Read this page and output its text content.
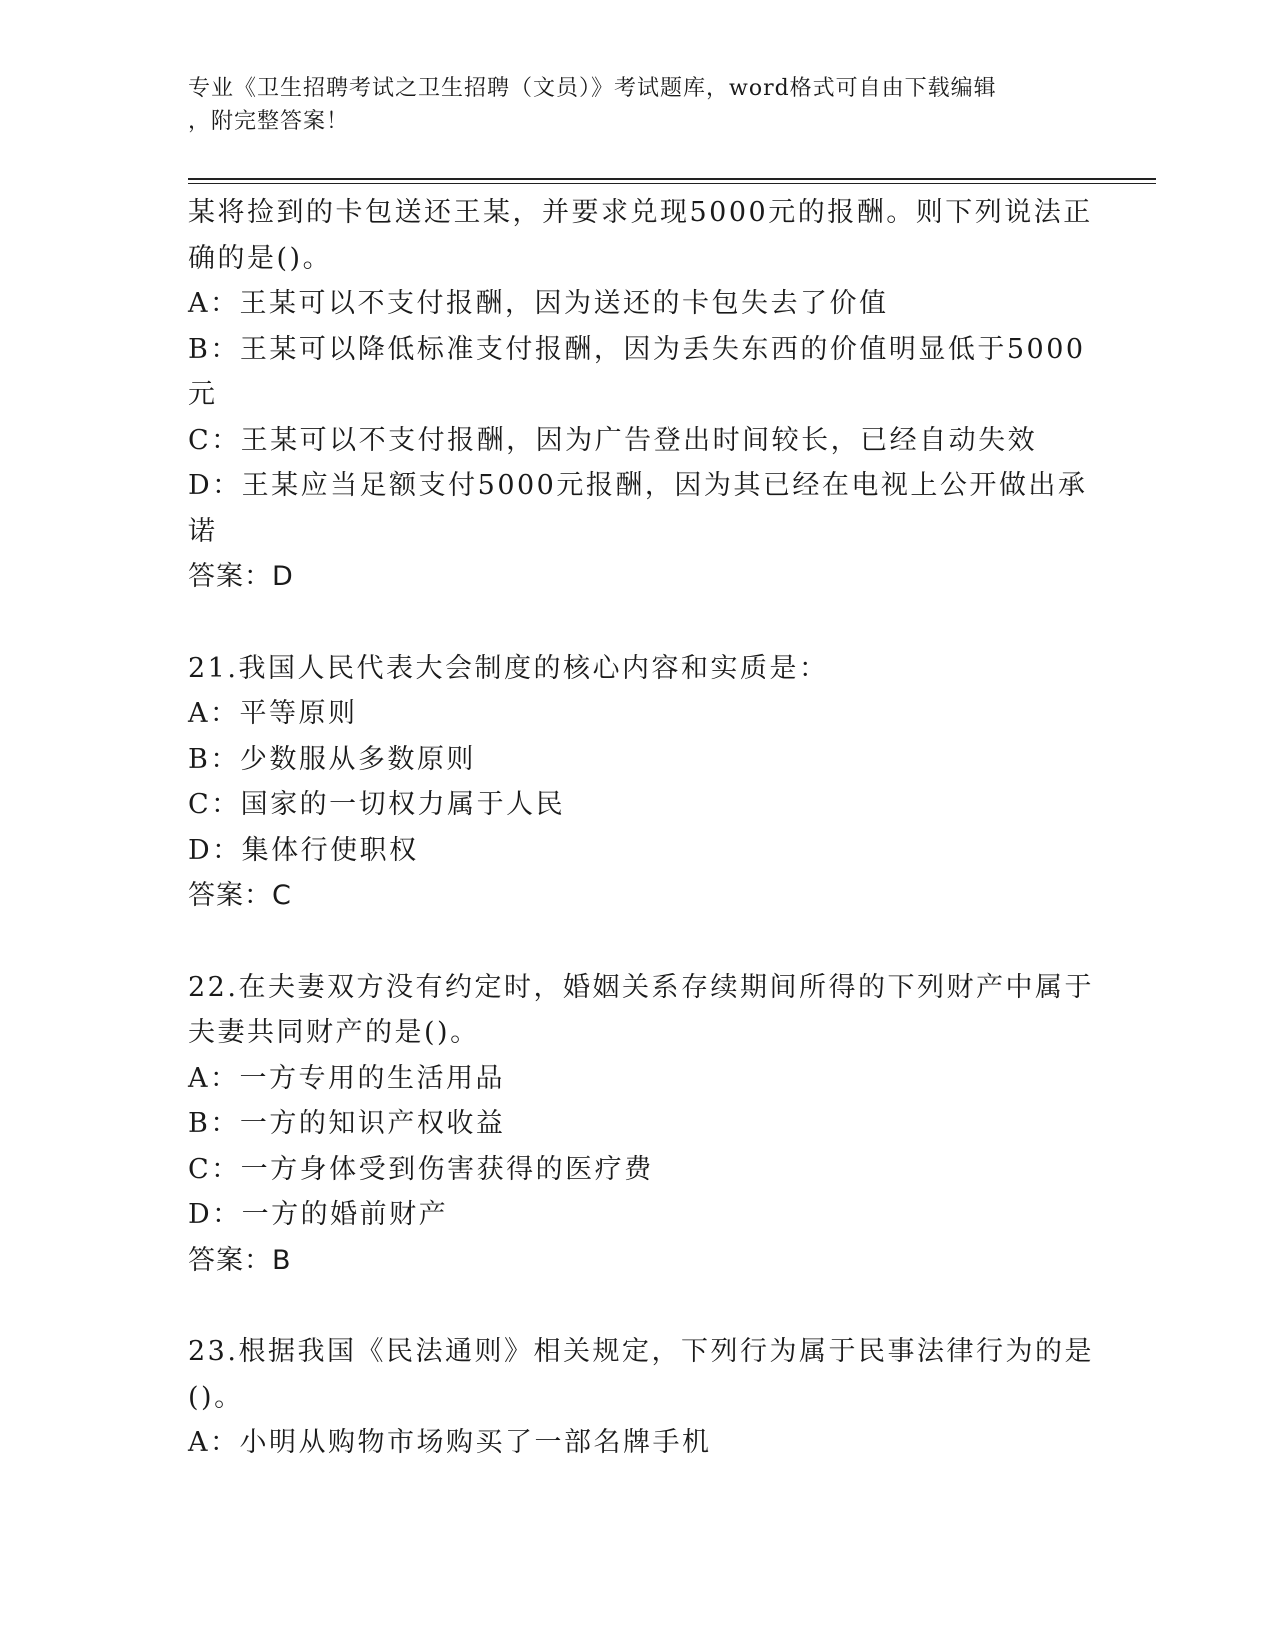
专业《卫生招聘考试之卫生招聘（文员）》考试题库，word格式可自由下载编辑
，附完整答案！
某将捡到的卡包送还王某，并要求兑现5000元的报酬。则下列说法正
确的是()。
A：王某可以不支付报酬，因为送还的卡包失去了价值
B：王某可以降低标准支付报酬，因为丢失东西的价值明显低于5000
元
C：王某可以不支付报酬，因为广告登出时间较长，已经自动失效
D：王某应当足额支付5000元报酬，因为其已经在电视上公开做出承
诺
答案：D
21.我国人民代表大会制度的核心内容和实质是：
A：平等原则
B：少数服从多数原则
C：国家的一切权力属于人民
D：集体行使职权
答案：C
22.在夫妻双方没有约定时，婚姻关系存续期间所得的下列财产中属于
夫妻共同财产的是()。
A：一方专用的生活用品
B：一方的知识产权收益
C：一方身体受到伤害获得的医疗费
D：一方的婚前财产
答案：B
23.根据我国《民法通则》相关规定，下列行为属于民事法律行为的是
()。
A：小明从购物市场购买了一部名牌手机
